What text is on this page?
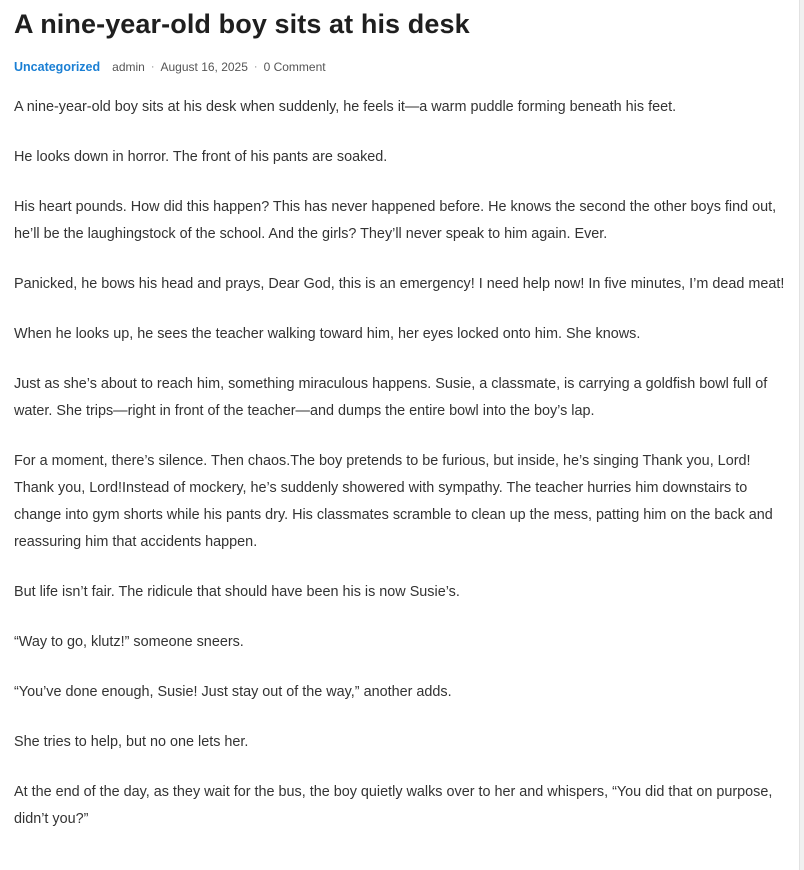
A nine-year-old boy sits at his desk
Uncategorized admin · August 16, 2025 · 0 Comment

A nine-year-old boy sits at his desk when suddenly, he feels it—a warm puddle forming beneath his feet.

He looks down in horror. The front of his pants are soaked.

His heart pounds. How did this happen? This has never happened before. He knows the second the other boys find out, he’ll be the laughingstock of the school. And the girls? They’ll never speak to him again. Ever.

Panicked, he bows his head and prays, Dear God, this is an emergency! I need help now! In five minutes, I’m dead meat!

When he looks up, he sees the teacher walking toward him, her eyes locked onto him. She knows.

Just as she’s about to reach him, something miraculous happens. Susie, a classmate, is carrying a goldfish bowl full of water. She trips—right in front of the teacher—and dumps the entire bowl into the boy’s lap.

For a moment, there’s silence. Then chaos.The boy pretends to be furious, but inside, he’s singing Thank you, Lord! Thank you, Lord!Instead of mockery, he’s suddenly showered with sympathy. The teacher hurries him downstairs to change into gym shorts while his pants dry. His classmates scramble to clean up the mess, patting him on the back and reassuring him that accidents happen.

But life isn’t fair. The ridicule that should have been his is now Susie’s.

“Way to go, klutz!” someone sneers.

“You’ve done enough, Susie! Just stay out of the way,” another adds.

She tries to help, but no one lets her.

At the end of the day, as they wait for the bus, the boy quietly walks over to her and whispers, “You did that on purpose, didn’t you?”
